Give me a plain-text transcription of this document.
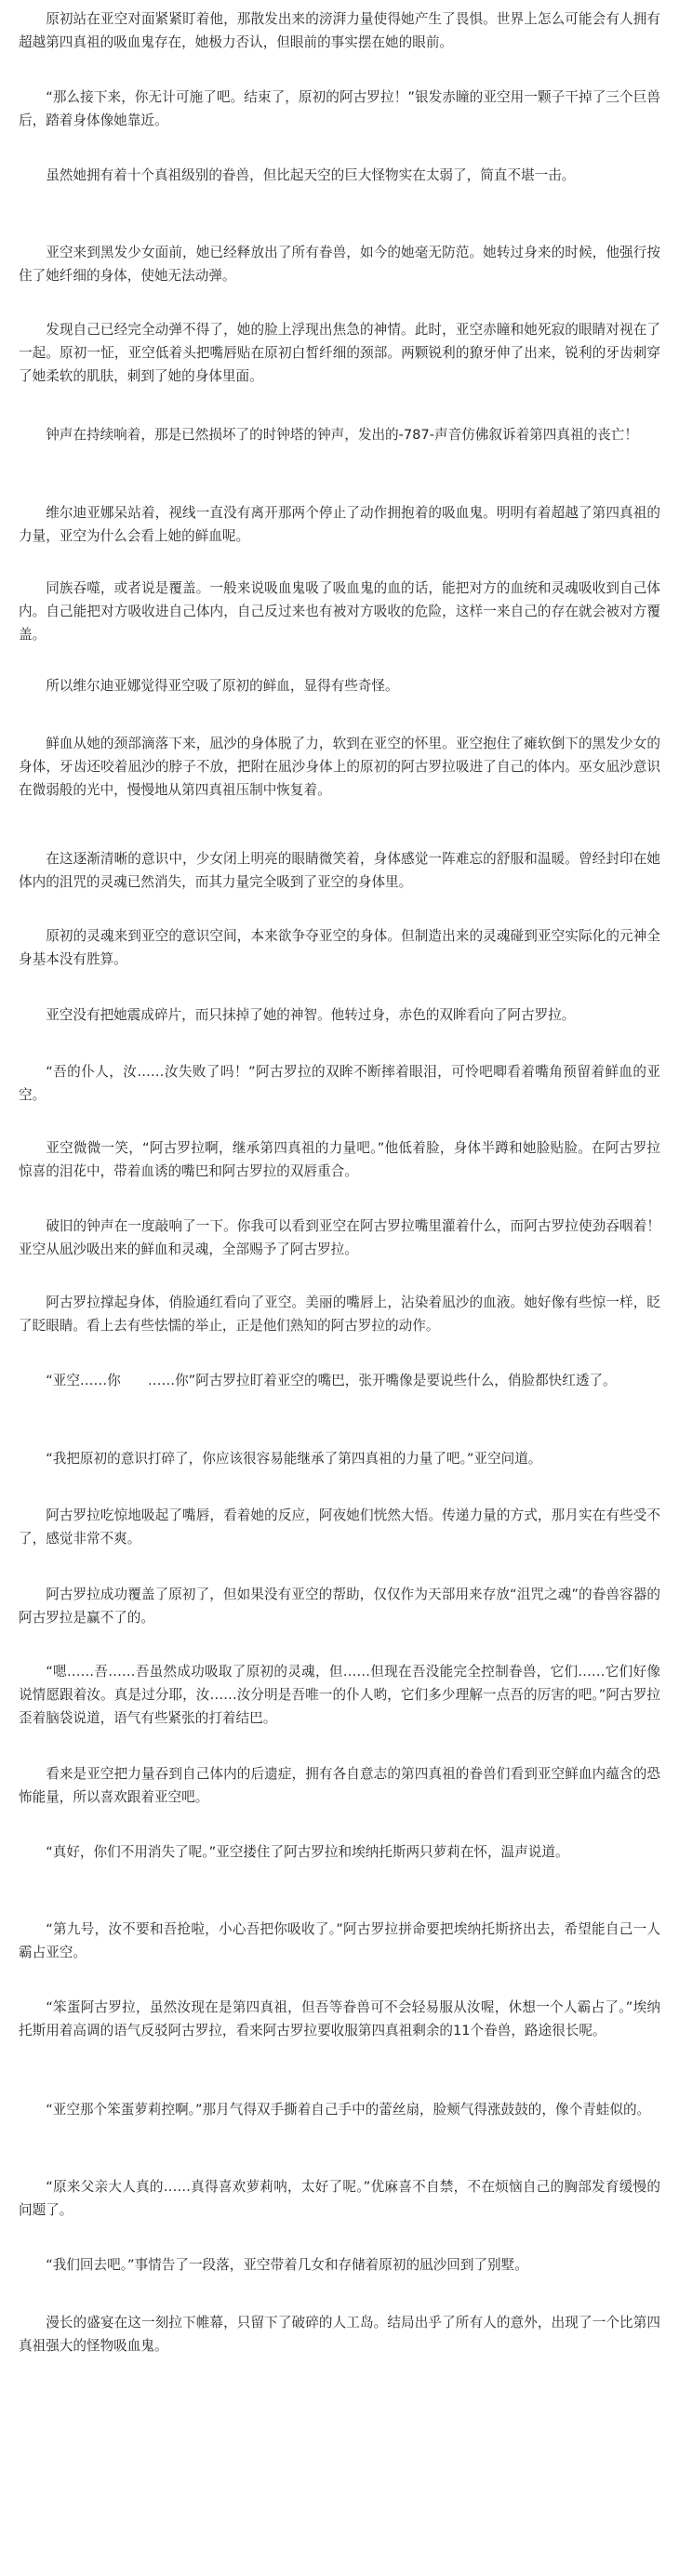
原初站在亚空对面紧紧盯着他，那散发出来的滂湃力量使得她产生了畏惧。世界上怎么可能会有人拥有超越第四真祖的吸血鬼存在，她极力否认，但眼前的事实摆在她的眼前。

“那么接下来，你无计可施了吧。结束了，原初的阿古罗拉！”银发赤瞳的亚空用一颗子干掉了三个巨兽后，踏着身体像她靠近。

虽然她拥有着十个真祖级别的眷兽，但比起天空的巨大怪物实在太弱了，简直不堪一击。

亚空来到黑发少女面前，她已经释放出了所有眷兽，如今的她毫无防范。她转过身来的时候，他强行按住了她纤细的身体，使她无法动弹。

发现自己已经完全动弹不得了，她的脸上浮现出焦急的神情。此时，亚空赤瞳和她死寂的眼睛对视在了一起。原初一怔，亚空低着头把嘴唇贴在原初白皙纤细的颈部。两颗锐利的獠牙伸了出来，锐利的牙齿刺穿了她柔软的肌肤，刺到了她的身体里面。

钟声在持续响着，那是已然损坏了的时钟塔的钟声，发出的-787-声音仿佛叙诉着第四真祖的丧亡！

维尔迪亚娜呆站着，视线一直没有离开那两个停止了动作拥抱着的吸血鬼。明明有着超越了第四真祖的力量，亚空为什么会看上她的鲜血呢。

同族吞噬，或者说是覆盖。一般来说吸血鬼吸了吸血鬼的血的话，能把对方的血统和灵魂吸收到自己体内。自己能把对方吸收进自己体内，自己反过来也有被对方吸收的危险，这样一来自己的存在就会被对方覆盖。

所以维尔迪亚娜觉得亚空吸了原初的鲜血，显得有些奇怪。

鲜血从她的颈部滴落下来，凪沙的身体脱了力，软到在亚空的怀里。亚空抱住了瘫软倒下的黑发少女的身体，牙齿还咬着凪沙的脖子不放，把附在凪沙身体上的原初的阿古罗拉吸进了自己的体内。巫女凪沙意识在微弱般的光中，慢慢地从第四真祖压制中恢复着。

在这逐渐清晰的意识中，少女闭上明亮的眼睛微笑着，身体感觉一阵难忘的舒服和温暖。曾经封印在她体内的沮咒的灵魂已然消失，而其力量完全吸到了亚空的身体里。

原初的灵魂来到亚空的意识空间，本来欲争夺亚空的身体。但制造出来的灵魂碰到亚空实际化的元神全身基本没有胜算。

亚空没有把她震成碎片，而只抹掉了她的神智。他转过身，赤色的双眸看向了阿古罗拉。

“吾的仆人，汝……汝失败了吗！”阿古罗拉的双眸不断摔着眼泪，可怜吧唧看着嘴角预留着鲜血的亚空。

亚空微微一笑，“阿古罗拉啊，继承第四真祖的力量吧。”他低着脸，身体半蹲和她脸贴脸。在阿古罗拉惊喜的泪花中，带着血诱的嘴巴和阿古罗拉的双唇重合。

破旧的钟声在一度敲响了一下。你我可以看到亚空在阿古罗拉嘴里灌着什么，而阿古罗拉使劲吞咽着！亚空从凪沙吸出来的鲜血和灵魂，全部赐予了阿古罗拉。

阿古罗拉撑起身体，俏脸通红看向了亚空。美丽的嘴唇上，沾染着凪沙的血液。她好像有些惊一样，眨了眨眼睛。看上去有些怯懦的举止，正是他们熟知的阿古罗拉的动作。

“亚空……你　　……你”阿古罗拉盯着亚空的嘴巴，张开嘴像是要说些什么，俏脸都快红透了。

“我把原初的意识打碎了，你应该很容易能继承了第四真祖的力量了吧。”亚空问道。

阿古罗拉吃惊地吸起了嘴唇，看着她的反应，阿夜她们恍然大悟。传递力量的方式，那月实在有些受不了，感觉非常不爽。

阿古罗拉成功覆盖了原初了，但如果没有亚空的帮助，仅仅作为天部用来存放“沮咒之魂”的眷兽容器的阿古罗拉是赢不了的。

“嗯……吾……吾虽然成功吸取了原初的灵魂，但……但现在吾没能完全控制眷兽，它们……它们好像说情愿跟着汝。真是过分耶，汝……汝分明是吾唯一的仆人哟，它们多少理解一点吾的厉害的吧。”阿古罗拉歪着脑袋说道，语气有些紧张的打着结巴。

看来是亚空把力量吞到自己体内的后遗症，拥有各自意志的第四真祖的眷兽们看到亚空鲜血内蕴含的恐怖能量，所以喜欢跟着亚空吧。

“真好，你们不用消失了呢。”亚空搂住了阿古罗拉和埃纳托斯两只萝莉在怀，温声说道。

“第九号，汝不要和吾抢啦，小心吾把你吸收了。”阿古罗拉拼命要把埃纳托斯挤出去，希望能自己一人霸占亚空。

“笨蛋阿古罗拉，虽然汝现在是第四真祖，但吾等眷兽可不会轻易服从汝喔，休想一个人霸占了。”埃纳托斯用着高调的语气反驳阿古罗拉，看来阿古罗拉要收服第四真祖剩余的11个眷兽，路途很长呢。

“亚空那个笨蛋萝莉控啊。”那月气得双手撕着自己手中的蕾丝扇，脸颊气得涨鼓鼓的，像个青蛙似的。

“原来父亲大人真的……真得喜欢萝莉呐，太好了呢。”优麻喜不自禁，不在烦恼自己的胸部发育缓慢的问题了。

“我们回去吧。”事情告了一段落，亚空带着几女和存储着原初的凪沙回到了别墅。

漫长的盛宴在这一刻拉下帷幕，只留下了破碎的人工岛。结局出乎了所有人的意外，出现了一个比第四真祖强大的怪物吸血鬼。
